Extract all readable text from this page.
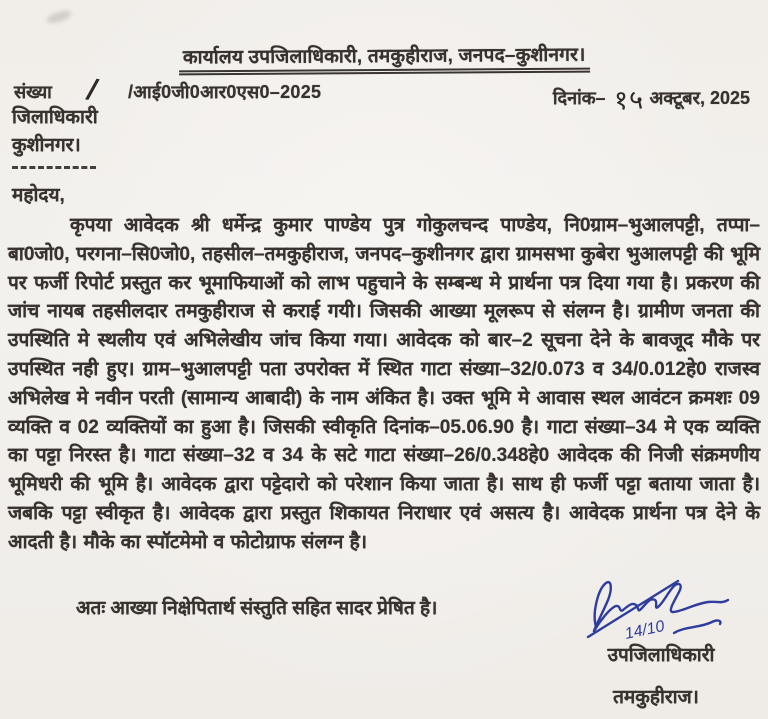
कार्यालय उपजिलाधिकारी, तमकुहीराज, जनपद–कुशीनगर।
संख्या / /आई0जी0आर0एस0–2025	दिनांक– १५ अक्टूबर, 2025
जिलाधिकारी
कुशीनगर।
महोदय,
कृपया आवेदक श्री धर्मेन्द्र कुमार पाण्डेय पुत्र गोकुलचन्द पाण्डेय, नि0ग्राम–भुआलपट्टी, तप्पा–बा0जो0, परगना–सि0जो0, तहसील–तमकुहीराज, जनपद–कुशीनगर द्वारा ग्रामसभा कुबेरा भुआलपट्टी की भूमि पर फर्जी रिपोर्ट प्रस्तुत कर भूमाफियाओं को लाभ पहुचाने के सम्बन्ध मे प्रार्थना पत्र दिया गया है। प्रकरण की जांच नायब तहसीलदार तमकुहीराज से कराई गयी। जिसकी आख्या मूलरूप से संलग्न है। ग्रामीण जनता की उपस्थिति मे स्थलीय एवं अभिलेखीय जांच किया गया। आवेदक को बार–2 सूचना देने के बावजूद मौके पर उपस्थित नही हुए। ग्राम–भुआलपट्टी पता उपरोक्त में स्थित गाटा संख्या–32/0.073 व 34/0.012हे0 राजस्व अभिलेख मे नवीन परती (सामान्य आबादी) के नाम अंकित है। उक्त भूमि मे आवास स्थल आवंटन क्रमशः 09 व्यक्ति व 02 व्यक्तियों का हुआ है। जिसकी स्वीकृति दिनांक–05.06.90 है। गाटा संख्या–34 मे एक व्यक्ति का पट्टा निरस्त है। गाटा संख्या–32 व 34 के सटे गाटा संख्या–26/0.348हे0 आवेदक की निजी संक्रमणीय भूमिधरी की भूमि है। आवेदक द्वारा पट्टेदारो को परेशान किया जाता है। साथ ही फर्जी पट्टा बताया जाता है। जबकि पट्टा स्वीकृत है। आवेदक द्वारा प्रस्तुत शिकायत निराधार एवं असत्य है। आवेदक प्रार्थना पत्र देने के आदती है। मौके का स्पॉटमेमो व फोटोग्राफ संलग्न है।
अतः आख्या निक्षेपितार्थ संस्तुति सहित सादर प्रेषित है।
14/10
उपजिलाधिकारी
तमकुहीराज।
